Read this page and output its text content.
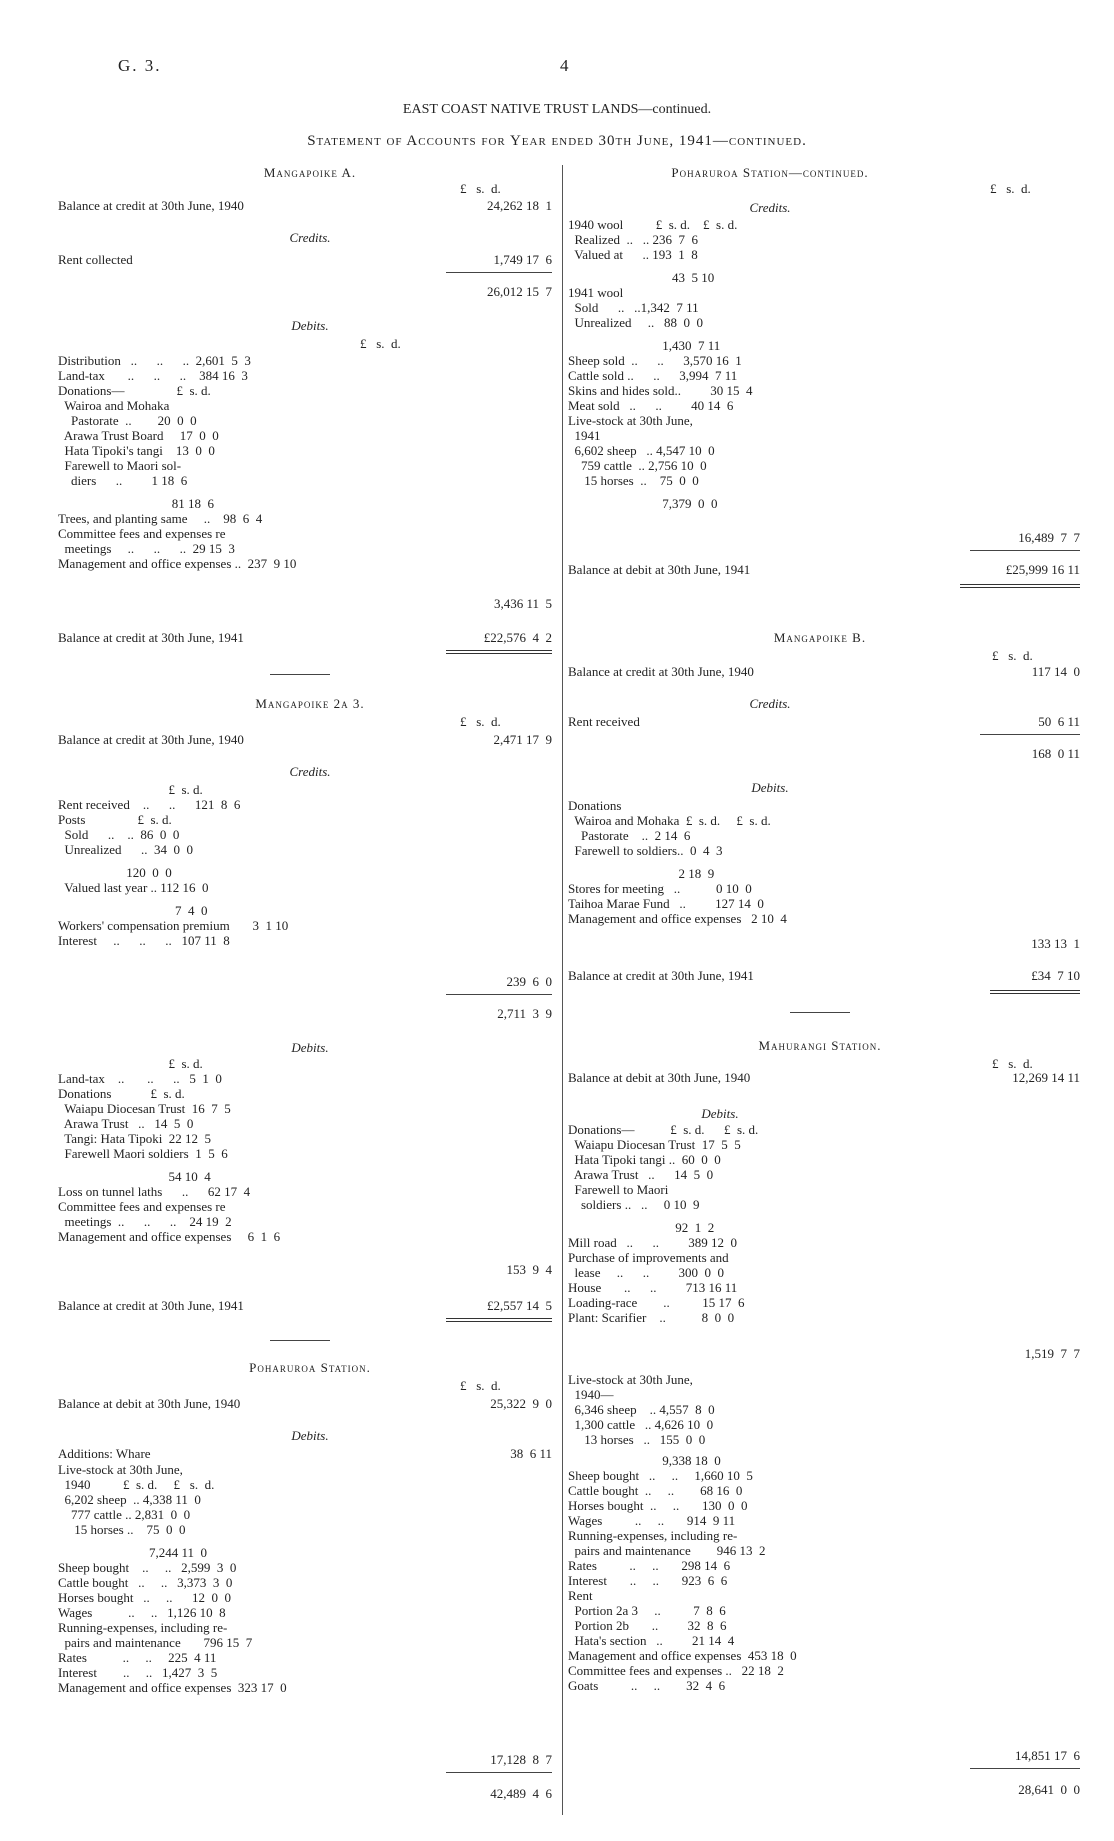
G. 3.	4
EAST COAST NATIVE TRUST LANDS—continued.
Statement of Accounts for Year ended 30th June, 1941—continued.
Mangapoike A.
£   s.  d.
Balance at credit at 30th June, 1940	24,262 18  1
Credits.
Rent collected	1,749 17  6
26,012 15  7
Debits.
£   s.  d.
Distribution   ..      ..      ..  2,601  5  3
Land-tax       ..      ..      ..    384 16  3
Donations—                £  s. d.
Wairoa and Mohaka
Pastorate  ..        20  0  0
Arawa Trust Board     17  0  0
Hata Tipoki's tangi    13  0  0
Farewell to Maori sol-
diers      ..         1 18  6
81 18  6
Trees, and planting same     ..    98  6  4
Committee fees and expenses re
meetings     ..      ..      ..  29 15  3
Management and office expenses ..  237  9 10
3,436 11  5
Balance at credit at 30th June, 1941	£22,576  4  2
Mangapoike 2a 3.
£   s.  d.
Balance at credit at 30th June, 1940	2,471 17  9
Credits.
£  s. d.
Rent received    ..      ..      121  8  6
Posts                £  s. d.
Sold      ..    ..  86  0  0
Unrealized      ..  34  0  0
120  0  0
Valued last year .. 112 16  0
7  4  0
Workers' compensation premium       3  1 10
Interest     ..      ..      ..   107 11  8
239  6  0
2,711  3  9
Debits.
£  s. d.
Land-tax    ..       ..      ..   5  1  0
Donations            £  s. d.
Waiapu Diocesan Trust  16  7  5
Arawa Trust   ..   14  5  0
Tangi: Hata Tipoki  22 12  5
Farewell Maori soldiers  1  5  6
54 10  4
Loss on tunnel laths      ..      62 17  4
Committee fees and expenses re
meetings  ..      ..      ..    24 19  2
Management and office expenses     6  1  6
153  9  4
Balance at credit at 30th June, 1941	£2,557 14  5
Poharuroa Station.
£   s.  d.
Balance at debit at 30th June, 1940	25,322  9  0
Debits.
Additions: Whare	38  6 11
Live-stock at 30th June,
1940          £  s. d.     £   s.  d.
6,202 sheep  .. 4,338 11  0
777 cattle .. 2,831  0  0
15 horses ..    75  0  0
7,244 11  0
Sheep bought    ..     ..   2,599  3  0
Cattle bought   ..     ..   3,373  3  0
Horses bought   ..     ..      12  0  0
Wages           ..     ..   1,126 10  8
Running-expenses, including re-
pairs and maintenance       796 15  7
Rates           ..     ..     225  4 11
Interest        ..     ..   1,427  3  5
Management and office expenses  323 17  0
17,128  8  7
42,489  4  6
Poharuroa Station—continued.
£   s.  d.
Credits.
1940 wool          £  s. d.    £  s. d.
Realized  ..   .. 236  7  6
Valued at      .. 193  1  8
43  5 10
1941 wool
Sold      ..   ..1,342  7 11
Unrealized     ..   88  0  0
1,430  7 11
Sheep sold  ..      ..      3,570 16  1
Cattle sold ..      ..      3,994  7 11
Skins and hides sold..         30 15  4
Meat sold   ..      ..         40 14  6
Live-stock at 30th June,
1941
6,602 sheep   .. 4,547 10  0
759 cattle  .. 2,756 10  0
15 horses  ..    75  0  0
7,379  0  0
16,489  7  7
Balance at debit at 30th June, 1941	£25,999 16 11
Mangapoike B.
£   s.  d.
Balance at credit at 30th June, 1940	117 14  0
Credits.
Rent received	50  6 11
168  0 11
Debits.
Donations
Wairoa and Mohaka  £  s. d.     £  s. d.
Pastorate    ..  2 14  6
Farewell to soldiers..  0  4  3
2 18  9
Stores for meeting   ..           0 10  0
Taihoa Marae Fund   ..         127 14  0
Management and office expenses   2 10  4
133 13  1
Balance at credit at 30th June, 1941	£34  7 10
Mahurangi Station.
£   s.  d.
Balance at debit at 30th June, 1940	12,269 14 11
Debits.
Donations—           £  s. d.      £  s. d.
Waiapu Diocesan Trust  17  5  5
Hata Tipoki tangi ..  60  0  0
Arawa Trust   ..      14  5  0
Farewell to Maori
soldiers ..   ..     0 10  9
92  1  2
Mill road   ..      ..         389 12  0
Purchase of improvements and
lease     ..      ..         300  0  0
House       ..      ..         713 16 11
Loading-race        ..          15 17  6
Plant: Scarifier    ..           8  0  0
1,519  7  7
Live-stock at 30th June,
1940—
6,346 sheep    .. 4,557  8  0
1,300 cattle   .. 4,626 10  0
13 horses   ..   155  0  0
9,338 18  0
Sheep bought   ..     ..     1,660 10  5
Cattle bought  ..     ..        68 16  0
Horses bought  ..     ..       130  0  0
Wages          ..     ..       914  9 11
Running-expenses, including re-
pairs and maintenance        946 13  2
Rates          ..     ..       298 14  6
Interest       ..     ..       923  6  6
Rent
Portion 2a 3     ..          7  8  6
Portion 2b       ..         32  8  6
Hata's section   ..         21 14  4
Management and office expenses  453 18  0
Committee fees and expenses ..   22 18  2
Goats          ..     ..        32  4  6
14,851 17  6
28,641  0  0
